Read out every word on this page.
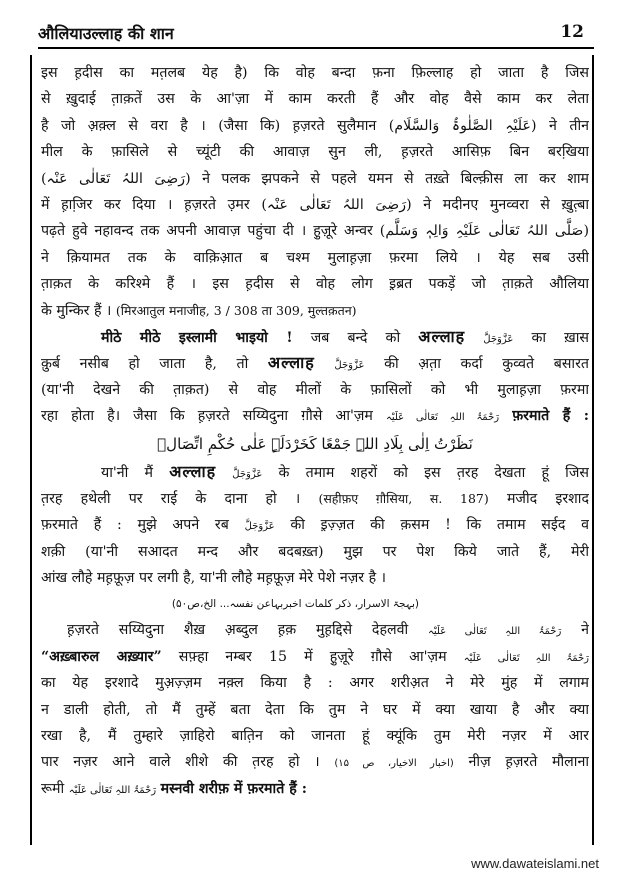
औलियाउल्लाह की शान	12
इस ह़दीस का मत़लब येह है) कि वोह बन्दा फ़ना फ़िल्लाह हो जाता है जिस
से खु़दाई त़ाक़तें उस के आ'ज़ा में काम करती हैं और वोह वैसे काम कर लेता
है जो अ़क़्ल से वरा है । (जैसा कि) ह़ज़रते सुलैमान (عَلَیْہِ الصَّلٰوۃُ وَالسَّلَام) ने तीन
मील के फ़ासिले से च्यूंटी की आवाज़ सुन ली, ह़ज़रते आसिफ़ बिन बरखि़या
(رَضِیَ اللہُ تَعَالٰی عَنْہ) ने पलक झपकने से पहले यमन से तख़्ते बिल्क़ीस ला कर शाम
में ह़ाजि़र कर दिया । ह़ज़रते उ़मर (رَضِیَ اللہُ تَعَالٰی عَنْہ) ने मदीनए मुनव्वरा से खु़त़्बा
पढ़ते हुवे नहावन्द तक अपनी आवाज़ पहुंचा दी । हु़ज़ूरे अन्वर (صَلَّی اللہُ تَعَالٰی عَلَیْہِ وَالِہٖ وَسَلَّم)
ने क़ियामत तक के वाक़िआ़त ब चश्म मुलाह़ज़ा फ़रमा लिये । येह सब उसी
त़ाक़त के करिश्मे हैं । इस ह़दीस से वोह लोग इ़ब्रत पकड़ें जो त़ाक़ते औलिया
के मुन्किर हैं । (मिरआतुल मनाजीह, 3 / 308 ता 309, मुल्तक़तन)
मीठे मीठे इस्लामी भाइयो ! जब बन्दे को अल्लाह عَزَّوَجَلَّ का ख़ास
कु़र्ब नसीब हो जाता है, तो अल्लाह عَزَّوَجَلَّ की अ़त़ा कर्दा कुव्वते बसारत
(या'नी देखने की त़ाक़त) से वोह मीलों के फ़ासिलों को भी मुलाह़ज़ा फ़रमा
रहा होता है। जैसा कि ह़ज़रते सय्यिदुना ग़ौसे आ'ज़म رَحْمَۃُ اللہِ تَعَالٰی عَلَیْہ फ़रमाते हैं :
نَظَرْتُ اِلٰی بِلَادِ اللہِ جَمْعًا کَخَرْدَلَۃٍ عَلٰی حُکْمِ اتِّصَالٖ
या'नी मैं अल्लाह عَزَّوَجَلَّ के तमाम शहरों को इस त़रह देखता हूं जिस
त़रह हथेली पर राई के दाना हो । (सहीफ़ए ग़ौसिया, स. 187) मजीद इरशाद
फ़रमाते हैं : मुझे अपने रब عَزَّوَجَلَّ की इ़ज़्ज़त की क़सम ! कि तमाम सईद व
शक़ी (या'नी सआदत मन्द और बदबख़्त) मुझ पर पेश किये जाते हैं, मेरी
आंख लौहे मह़फ़ूज़ पर लगी है, या'नी लौहे मह़फ़ूज़ मेरे पेशे नज़र है ।
(بہجۃ الاسرار، ذکر کلمات اخبربہاعن نفسہ... الخ،ص۵۰)
ह़ज़रते सय्यिदुना शैख़ अ़ब्दुल ह़क़ मुह़द्दिसे देहलवी رَحْمَۃُ اللہِ تَعَالٰی عَلَیْہ ने
“अख़्बारुल अख़्यार” सफ़्हा नम्बर 15 में हु़ज़ूरे ग़ौसे आ'ज़म رَحْمَۃُ اللہِ تَعَالٰی عَلَیْہ
का येह इरशादे मुअ़ज़्ज़म नक़्ल किया है : अगर शरीअ़त ने मेरे मुंह में लगाम
न डाली होती, तो मैं तुम्हें बता देता कि तुम ने घर में क्या खाया है और क्या
रखा है, मैं तुम्हारे ज़ाहिरो बात़िन को जानता हूं क्यूंकि तुम मेरी नज़र में आर
पार नज़र आने वाले शीशे की त़रह हो । (اخبار الاخیار، ص ۱۵) नीज़ ह़ज़रते मौलाना
रूमी رَحْمَۃُ اللہِ تَعَالٰی عَلَیْہ मस्नवी शरीफ़ में फ़रमाते हैं :
www.dawateislami.net
